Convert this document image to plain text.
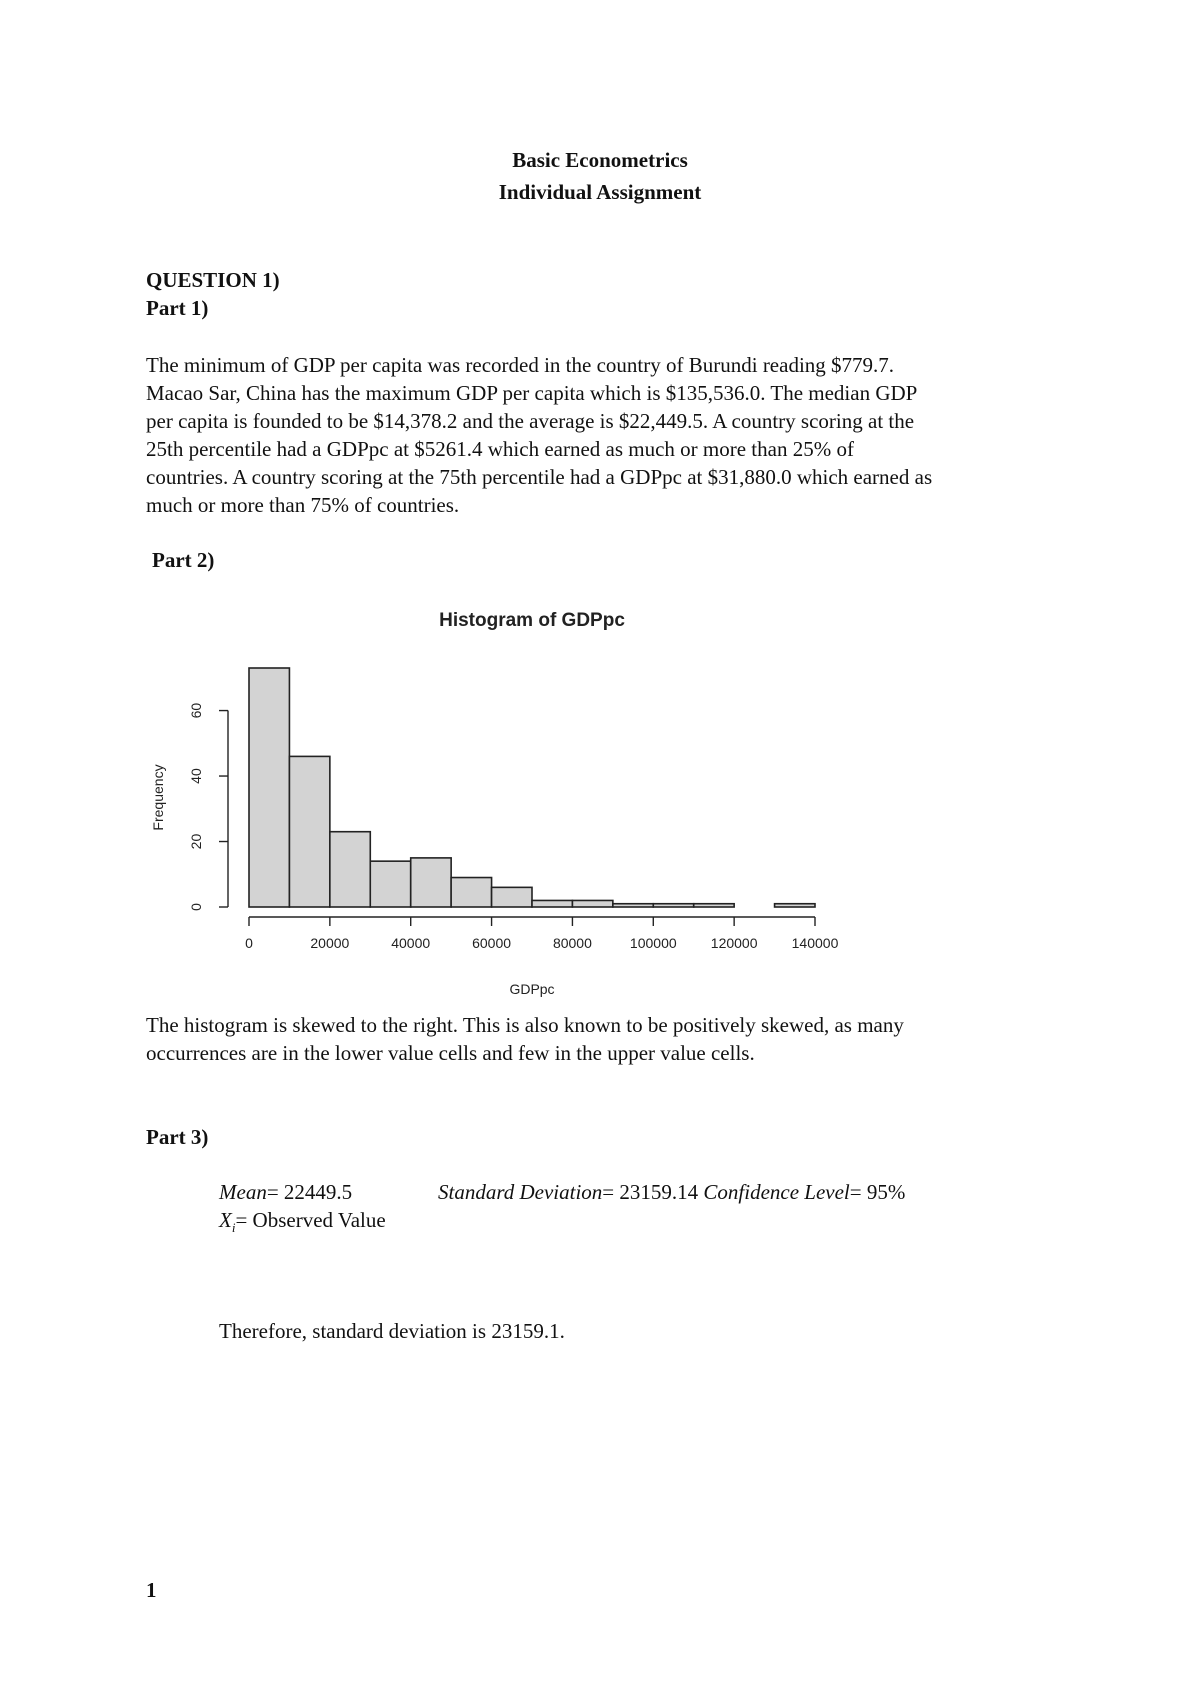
Basic Econometrics
Individual Assignment
QUESTION 1)
Part 1)
The minimum of GDP per capita was recorded in the country of Burundi reading $779.7.
Macao Sar, China has the maximum GDP per capita which is $135,536.0. The median GDP
per capita is founded to be $14,378.2 and the average is $22,449.5. A country scoring at the
25th percentile had a GDPpc at $5261.4 which earned as much or more than 25% of
countries. A country scoring at the 75th percentile had a GDPpc at $31,880.0 which earned as
much or more than 75% of countries.
Part 2)
Histogram of GDPpc
0	20000	40000	60000	80000	100000 120000 140000
0
20
40
60
GDPpc
Frequency
The histogram is skewed to the right. This is also known to be positively skewed, as many
occurrences are in the lower value cells and few in the upper value cells.
Part 3)
Mean= 22449.5	Standard Deviation= 23159.14 Confidence Level= 95%
$X_i=$ Observed Value
Therefore, standard deviation is 23159.1.
1
